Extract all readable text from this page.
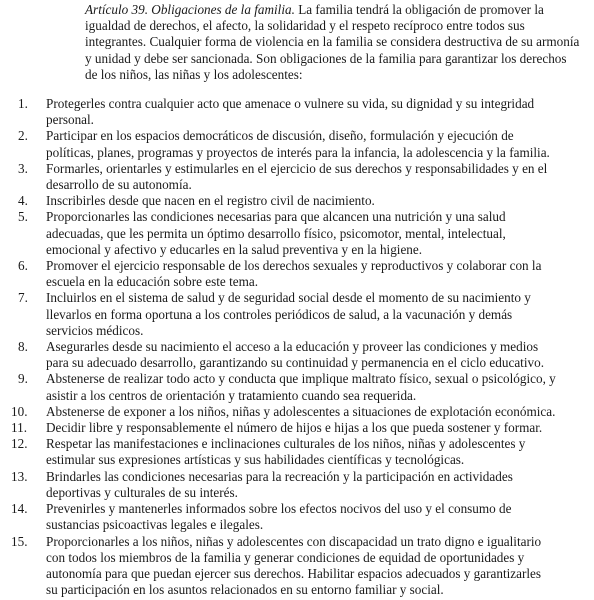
Artículo 39. Obligaciones de la familia. La familia tendrá la obligación de promover la igualdad de derechos, el afecto, la solidaridad y el respeto recíproco entre todos sus integrantes. Cualquier forma de violencia en la familia se considera destructiva de su armonía y unidad y debe ser sancionada. Son obligaciones de la familia para garantizar los derechos de los niños, las niñas y los adolescentes:

1.	Protegerles contra cualquier acto que amenace o vulnere su vida, su dignidad y su integridad personal.
2.	Participar en los espacios democráticos de discusión, diseño, formulación y ejecución de políticas, planes, programas y proyectos de interés para la infancia, la adolescencia y la familia.
3.	Formarles, orientarles y estimularles en el ejercicio de sus derechos y responsabilidades y en el desarrollo de su autonomía.
4.	Inscribirles desde que nacen en el registro civil de nacimiento.
5.	Proporcionarles las condiciones necesarias para que alcancen una nutrición y una salud adecuadas, que les permita un óptimo desarrollo físico, psicomotor, mental, intelectual, emocional y afectivo y educarles en la salud preventiva y en la higiene.
6.	Promover el ejercicio responsable de los derechos sexuales y reproductivos y colaborar con la escuela en la educación sobre este tema.
7.	Incluirlos en el sistema de salud y de seguridad social desde el momento de su nacimiento y llevarlos en forma oportuna a los controles periódicos de salud, a la vacunación y demás servicios médicos.
8.	Asegurarles desde su nacimiento el acceso a la educación y proveer las condiciones y medios para su adecuado desarrollo, garantizando su continuidad y permanencia en el ciclo educativo.
9.	Abstenerse de realizar todo acto y conducta que implique maltrato físico, sexual o psicológico, y asistir a los centros de orientación y tratamiento cuando sea requerida.
10.	Abstenerse de exponer a los niños, niñas y adolescentes a situaciones de explotación económica.
11.	Decidir libre y responsablemente el número de hijos e hijas a los que pueda sostener y formar.
12.	Respetar las manifestaciones e inclinaciones culturales de los niños, niñas y adolescentes y estimular sus expresiones artísticas y sus habilidades científicas y tecnológicas.
13.	Brindarles las condiciones necesarias para la recreación y la participación en actividades deportivas y culturales de su interés.
14.	Prevenirles y mantenerles informados sobre los efectos nocivos del uso y el consumo de sustancias psicoactivas legales e ilegales.
15.	Proporcionarles a los niños, niñas y adolescentes con discapacidad un trato digno e igualitario con todos los miembros de la familia y generar condiciones de equidad de oportunidades y autonomía para que puedan ejercer sus derechos. Habilitar espacios adecuados y garantizarles su participación en los asuntos relacionados en su entorno familiar y social.
